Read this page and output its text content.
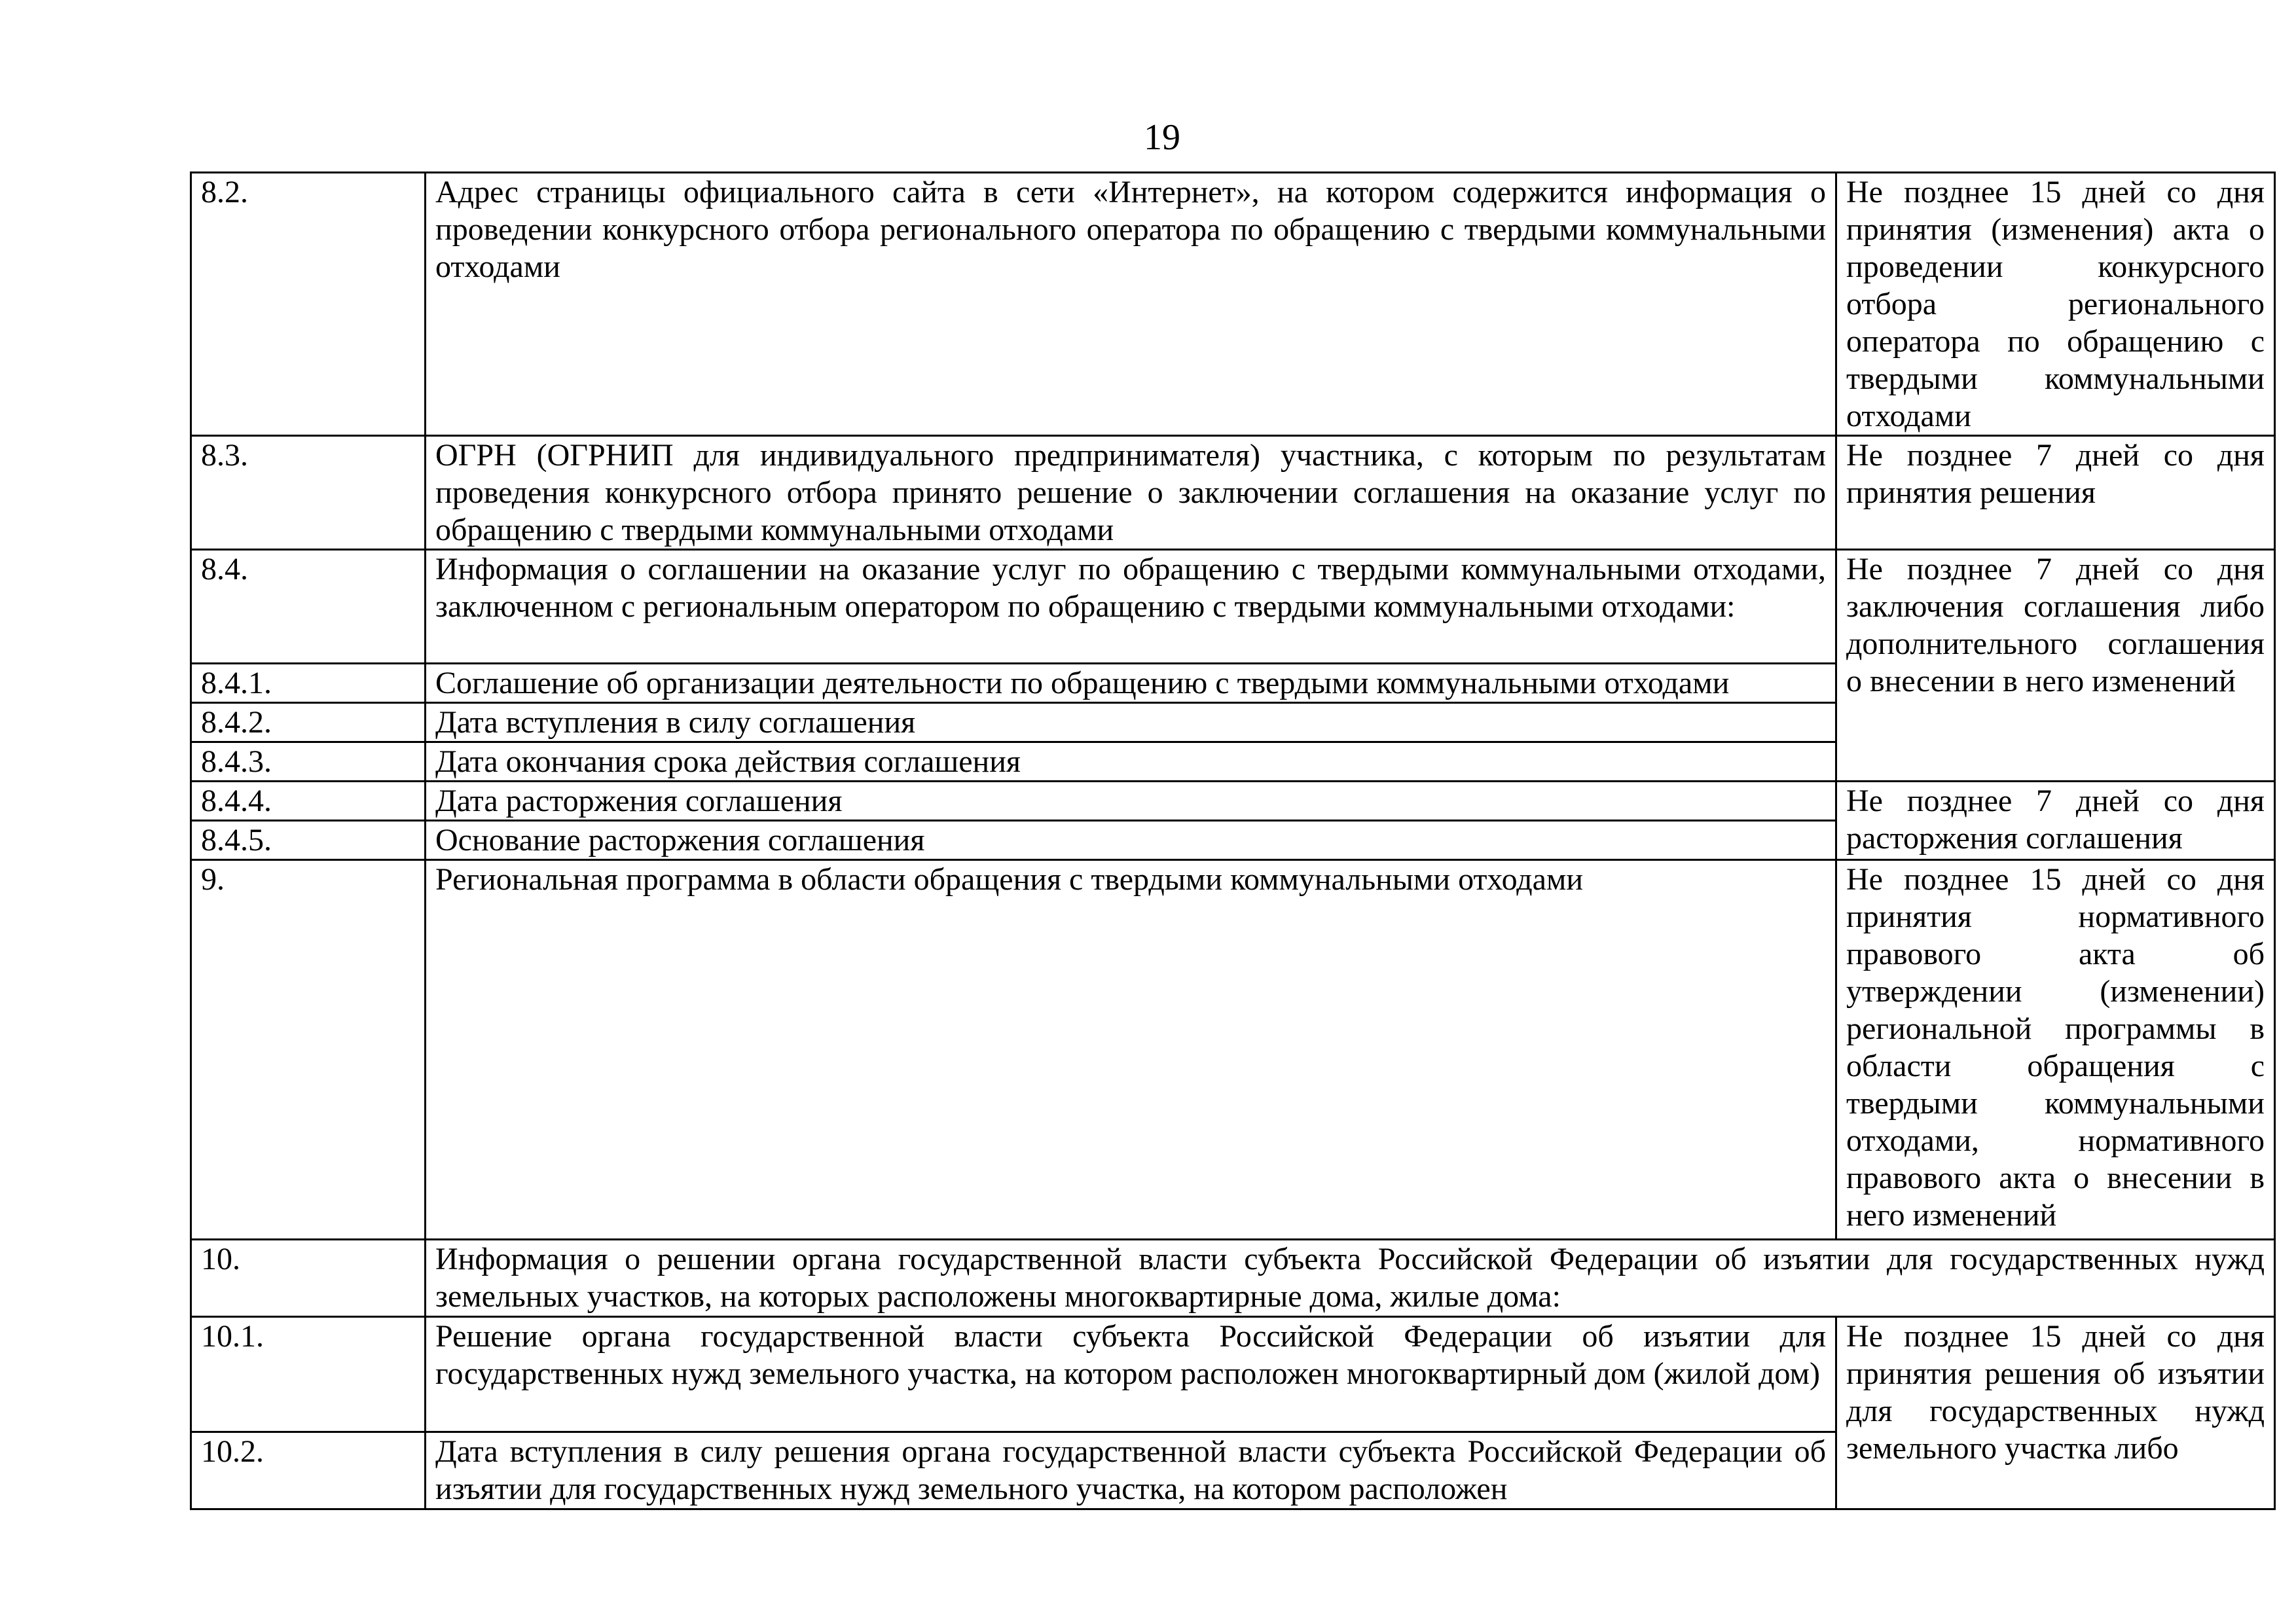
19
8.2.	Адрес страницы официального сайта в сети «Интернет», на котором содержится информация о проведении конкурсного отбора регионального оператора по обращению с твердыми коммунальными отходами	Не позднее 15 дней со дня принятия (изменения) акта о проведении конкурсного отбора регионального оператора по обращению с твердыми коммунальными отходами
8.3.	ОГРН (ОГРНИП для индивидуального предпринимателя) участника, с которым по результатам проведения конкурсного отбора принято решение о заключении соглашения на оказание услуг по обращению с твердыми коммунальными отходами	Не позднее 7 дней со дня принятия решения
8.4.	Информация о соглашении на оказание услуг по обращению с твердыми коммунальными отходами, заключенном с региональным оператором по обращению с твердыми коммунальными отходами:	Не позднее 7 дней со дня заключения соглашения либо дополнительного соглашения о внесении в него изменений
8.4.1.	Соглашение об организации деятельности по обращению с твердыми коммунальными отходами	
8.4.2.	Дата вступления в силу соглашения	
8.4.3.	Дата окончания срока действия соглашения	
8.4.4.	Дата расторжения соглашения	Не позднее 7 дней со дня расторжения соглашения
8.4.5.	Основание расторжения соглашения	
9.	Региональная программа в области обращения с твердыми коммунальными отходами	Не позднее 15 дней со дня принятия нормативного правового акта об утверждении (изменении) региональной программы в области обращения с твердыми коммунальными отходами, нормативного правового акта о внесении в него изменений
10.	Информация о решении органа государственной власти субъекта Российской Федерации об изъятии для государственных нужд земельных участков, на которых расположены многоквартирные дома, жилые дома:	
10.1.	Решение органа государственной власти субъекта Российской Федерации об изъятии для государственных нужд земельного участка, на котором расположен многоквартирный дом (жилой дом)	Не позднее 15 дней со дня принятия решения об изъятии для государственных нужд земельного участка либо
10.2.	Дата вступления в силу решения органа государственной власти субъекта Российской Федерации об изъятии для государственных нужд земельного участка, на котором расположен	
